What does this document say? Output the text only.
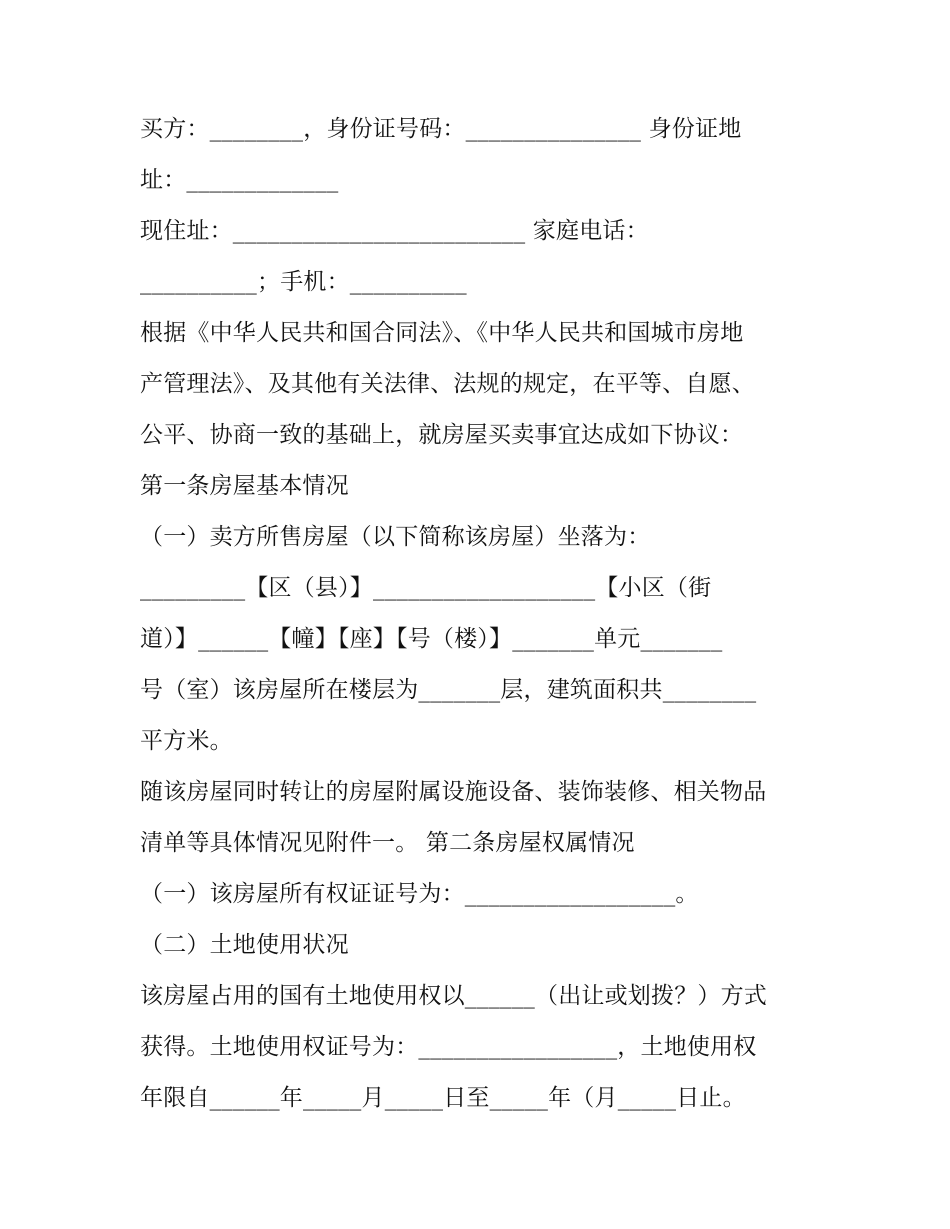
买方：________，身份证号码：_______________ 身份证地
址：_____________
现住址：_________________________ 家庭电话：
__________；手机：__________
根据《中华人民共和国合同法》、《中华人民共和国城市房地
产管理法》、及其他有关法律、法规的规定，在平等、自愿、
公平、协商一致的基础上，就房屋买卖事宜达成如下协议：
第一条房屋基本情况
（一）卖方所售房屋（以下简称该房屋）坐落为：
_________【区（县）】___________________【小区（街
道）】______【幢】【座】【号（楼）】_______单元_______
号（室）该房屋所在楼层为_______层，建筑面积共________
平方米。
随该房屋同时转让的房屋附属设施设备、装饰装修、相关物品
清单等具体情况见附件一。 第二条房屋权属情况
（一）该房屋所有权证证号为：__________________。
（二）土地使用状况
该房屋占用的国有土地使用权以______（出让或划拨？）方式
获得。土地使用权证号为：_________________，土地使用权
年限自______年_____月_____日至_____年（月_____日止。
